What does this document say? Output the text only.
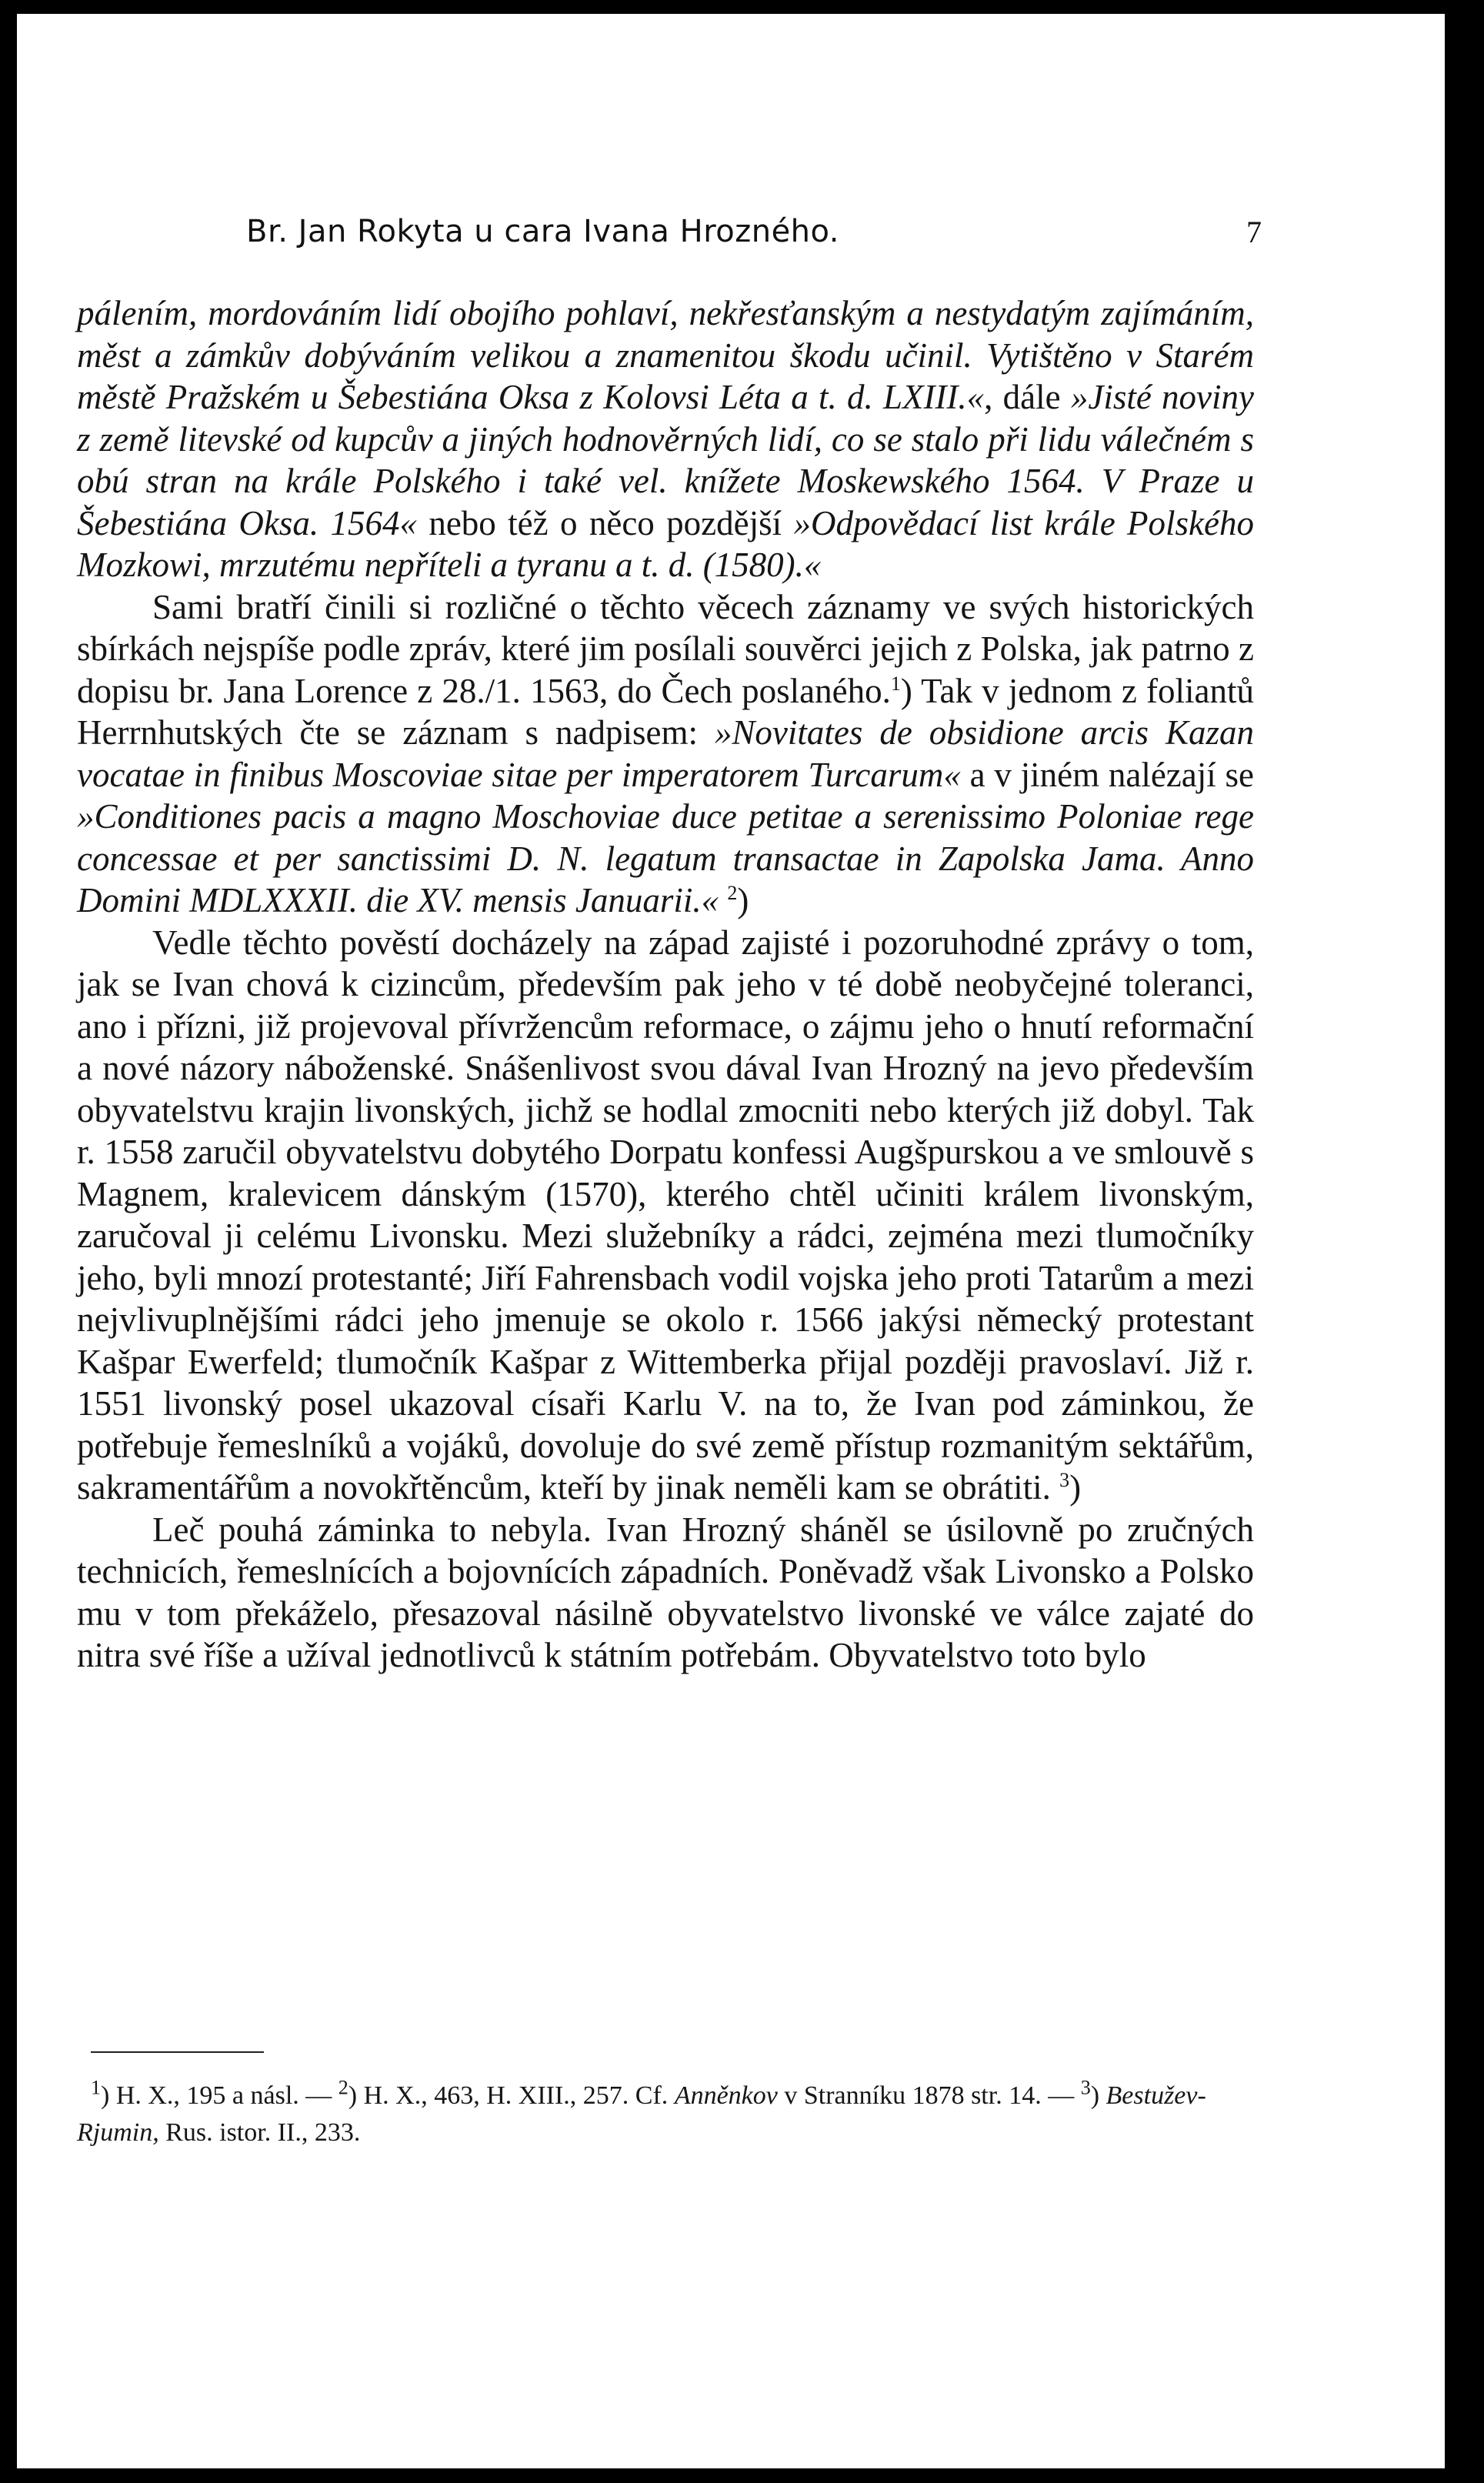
Br. Jan Rokyta u cara Ivana Hrozného.	7

pálením, mordováním lidí obojího pohlaví, nekřesťanským a nestydatým zajímáním, měst a zámkův dobýváním velikou a znamenitou škodu učinil. Vytištěno v Starém městě Pražském u Šebestiána Oksa z Kolovsi Léta a t. d. LXIII.«, dále »Jisté noviny z země litevské od kupcův a jiných hodnověrných lidí, co se stalo při lidu válečném s obú stran na krále Polského i také vel. knížete Moskewského 1564. V Praze u Šebestiána Oksa. 1564« nebo též o něco pozdější »Odpovědací list krále Polského Mozkowi, mrzutému nepříteli a tyranu a t. d. (1580).«

Sami bratří činili si rozličné o těchto věcech záznamy ve svých historických sbírkách nejspíše podle zpráv, které jim posílali souvěrci jejich z Polska, jak patrno z dopisu br. Jana Lorence z 28./1. 1563, do Čech poslaného.$^1$) Tak v jednom z foliantů Herrnhutských čte se záznam s nadpisem: »Novitates de obsidione arcis Kazan vocatae in finibus Moscoviae sitae per imperatorem Turcarum« a v jiném nalézají se »Conditiones pacis a magno Moschoviae duce petitae a serenissimo Poloniae rege concessae et per sanctissimi D. N. legatum transactae in Zapolska Jama. Anno Domini MDLXXXII. die XV. mensis Januarii.« $^2$)

Vedle těchto pověstí docházely na západ zajisté i pozoruhodné zprávy o tom, jak se Ivan chová k cizincům, především pak jeho v té době neobyčejné toleranci, ano i přízni, již projevoval přívržencům reformace, o zájmu jeho o hnutí reformační a nové názory náboženské. Snášenlivost svou dával Ivan Hrozný na jevo především obyvatelstvu krajin livonských, jichž se hodlal zmocniti nebo kterých již dobyl. Tak r. 1558 zaručil obyvatelstvu dobytého Dorpatu konfessi Augšpurskou a ve smlouvě s Magnem, kralevicem dánským (1570), kterého chtěl učiniti králem livonským, zaručoval ji celému Livonsku. Mezi služebníky a rádci, zejména mezi tlumočníky jeho, byli mnozí protestanté; Jiří Fahrensbach vodil vojska jeho proti Tatarům a mezi nejvlivuplnějšími rádci jeho jmenuje se okolo r. 1566 jakýsi německý protestant Kašpar Ewerfeld; tlumočník Kašpar z Wittemberka přijal později pravoslaví. Již r. 1551 livonský posel ukazoval císaři Karlu V. na to, že Ivan pod záminkou, že potřebuje řemeslníků a vojáků, dovoluje do své země přístup rozmanitým sektářům, sakramentářům a novokřtěncům, kteří by jinak neměli kam se obrátiti. $^3$)

Leč pouhá záminka to nebyla. Ivan Hrozný sháněl se úsilovně po zručných technicích, řemeslnících a bojovnících západních. Poněvadž však Livonsko a Polsko mu v tom překáželo, přesazoval násilně obyvatelstvo livonské ve válce zajaté do nitra své říše a užíval jednotlivců k státním potřebám. Obyvatelstvo toto bylo

$^1$) H. X., 195 a násl. — $^2$) H. X., 463, H. XIII., 257. Cf. Anněnkov v Stranníku 1878 str. 14. — $^3$) Bestužev-Rjumin, Rus. istor. II., 233.
